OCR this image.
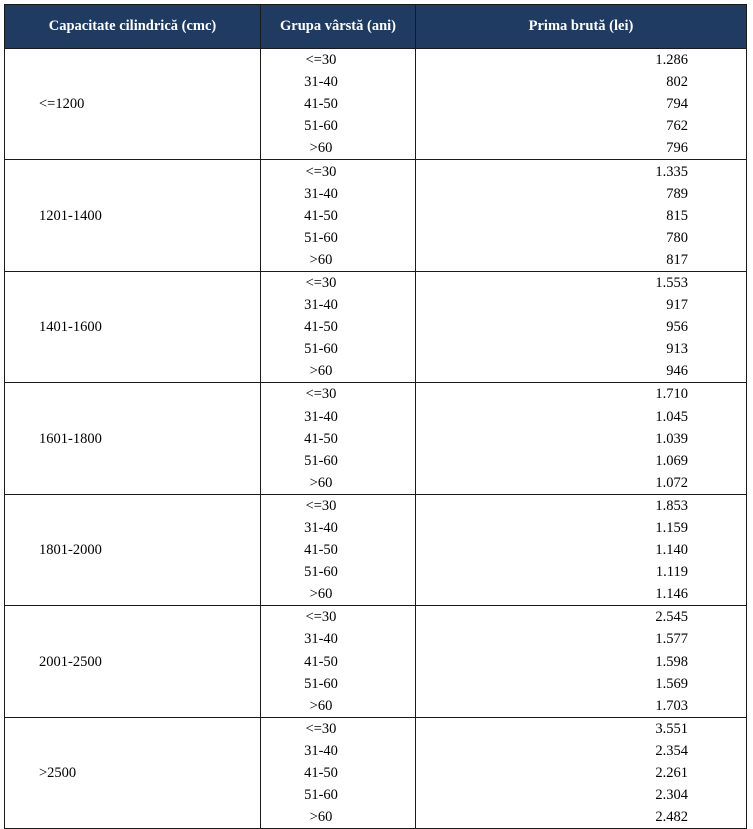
Capacitate cilindrică (cmc)	Grupa vârstă (ani)	Prima brută (lei)
<=1200	<=30	1.286
	31-40	802
	41-50	794
	51-60	762
	>60	796
1201-1400	<=30	1.335
	31-40	789
	41-50	815
	51-60	780
	>60	817
1401-1600	<=30	1.553
	31-40	917
	41-50	956
	51-60	913
	>60	946
1601-1800	<=30	1.710
	31-40	1.045
	41-50	1.039
	51-60	1.069
	>60	1.072
1801-2000	<=30	1.853
	31-40	1.159
	41-50	1.140
	51-60	1.119
	>60	1.146
2001-2500	<=30	2.545
	31-40	1.577
	41-50	1.598
	51-60	1.569
	>60	1.703
>2500	<=30	3.551
	31-40	2.354
	41-50	2.261
	51-60	2.304
	>60	2.482
